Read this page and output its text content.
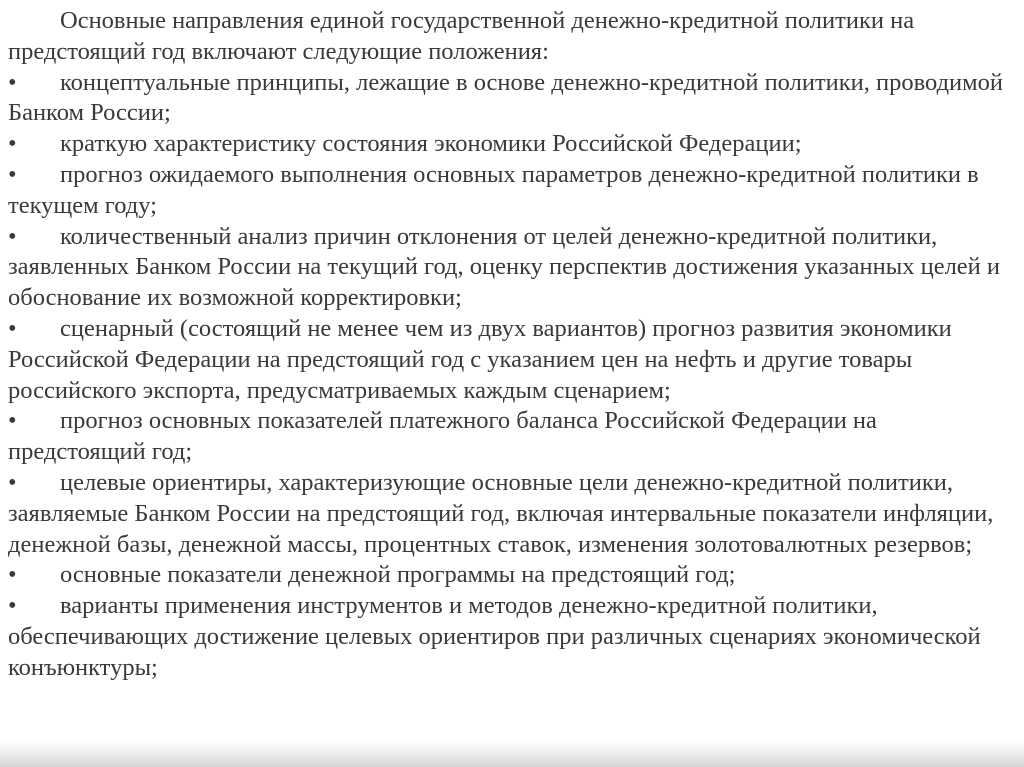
Основные направления единой государственной денежно-кредитной политики на предстоящий год включают следующие положения:

• концептуальные принципы, лежащие в основе денежно-кредитной политики, проводимой Банком России;
• краткую характеристику состояния экономики Российской Федерации;
• прогноз ожидаемого выполнения основных параметров денежно-кредитной политики в текущем году;
• количественный анализ причин отклонения от целей денежно-кредитной политики, заявленных Банком России на текущий год, оценку перспектив достижения указанных целей и обоснование их возможной корректировки;
• сценарный (состоящий не менее чем из двух вариантов) прогноз развития экономики Российской Федерации на предстоящий год с указанием цен на нефть и другие товары российского экспорта, предусматриваемых каждым сценарием;
• прогноз основных показателей платежного баланса Российской Федерации на предстоящий год;
• целевые ориентиры, характеризующие основные цели денежно-кредитной политики, заявляемые Банком России на предстоящий год, включая интервальные показатели инфляции, денежной базы, денежной массы, процентных ставок, изменения золотовалютных резервов;
• основные показатели денежной программы на предстоящий год;
• варианты применения инструментов и методов денежно-кредитной политики, обеспечивающих достижение целевых ориентиров при различных сценариях экономической конъюнктуры;
